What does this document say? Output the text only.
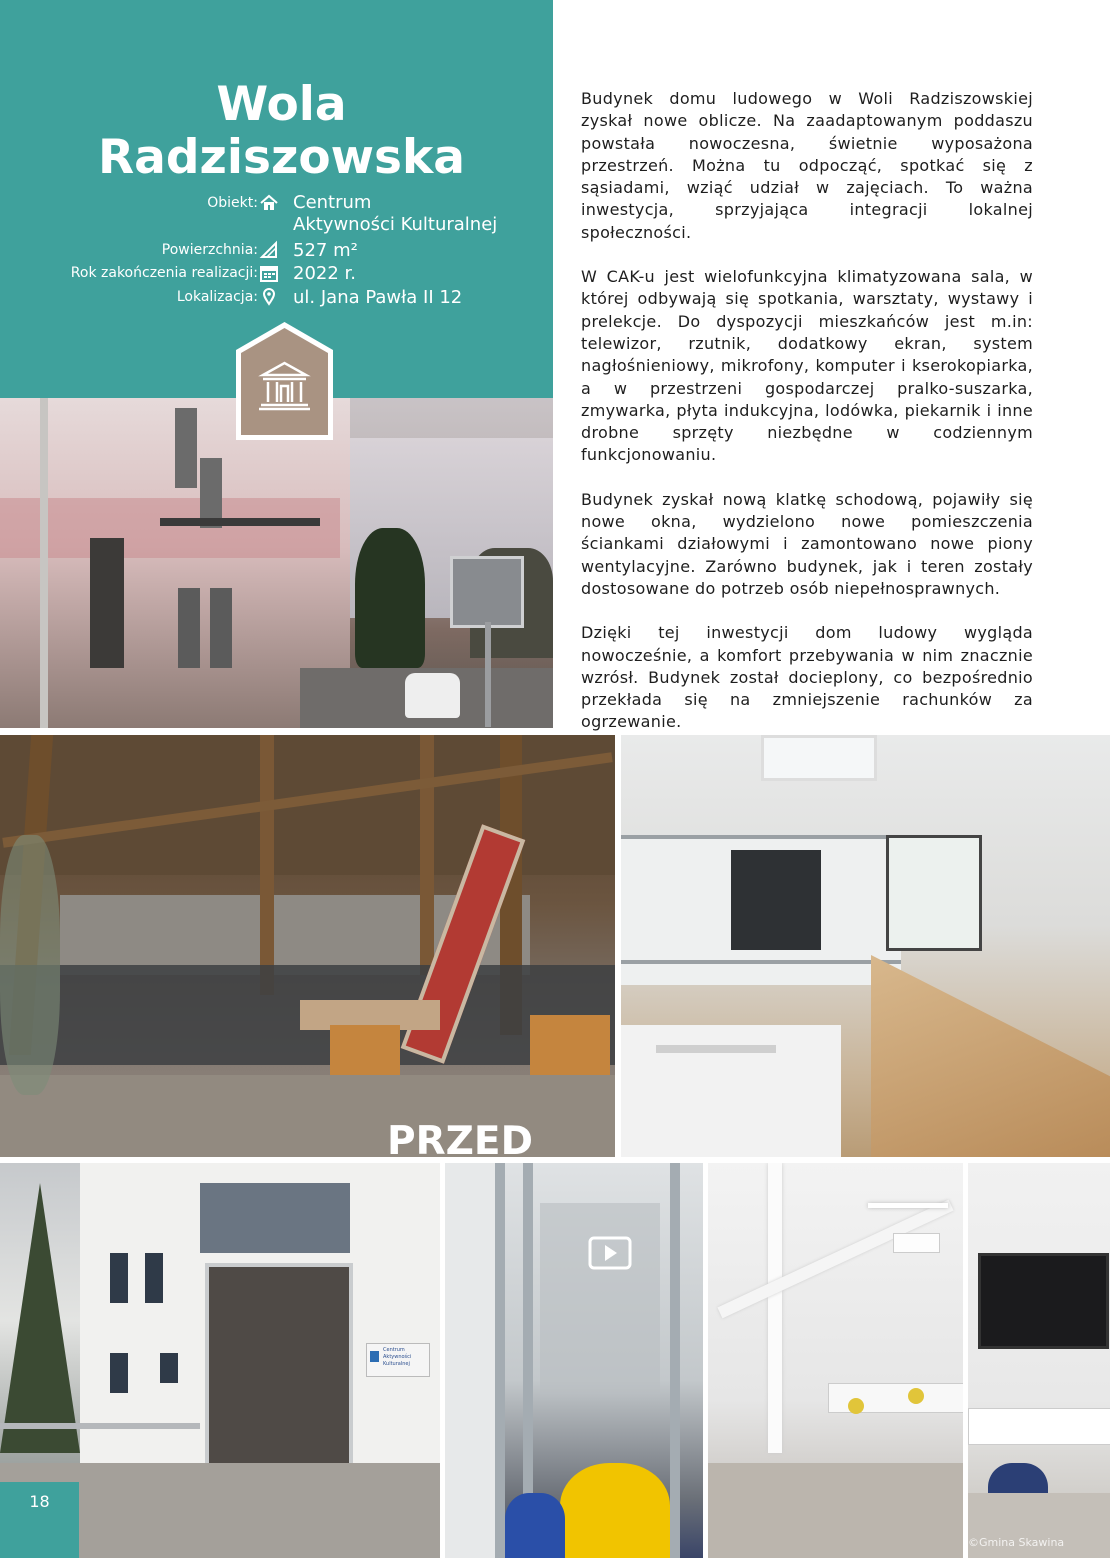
Wola
Radziszowska
Obiekt: Centrum
Aktywności Kulturalnej
Powierzchnia: 527 m²
Rok zakończenia realizacji: 2022 r.
Lokalizacja: ul. Jana Pawła II 12
Centrum Aktywności
Kulturalnej
PRZED
©Gmina Skawina

Budynek domu ludowego w Woli Radziszowskiej zyskał nowe oblicze. Na zaadaptowanym poddaszu powstała nowoczesna, świetnie wyposażona przestrzeń. Można tu odpocząć, spotkać się z sąsiadami, wziąć udział w zajęciach. To ważna inwestycja, sprzyjająca integracji lokalnej społeczności.

W CAK-u jest wielofunkcyjna klimatyzowana sala, w której odbywają się spotkania, warsztaty, wystawy i prelekcje. Do dyspozycji mieszkańców jest m.in: telewizor, rzutnik, dodatkowy ekran, system nagłośnieniowy, mikrofony, komputer i kserokopiarka, a w przestrzeni gospodarczej pralko-suszarka, zmywarka, płyta indukcyjna, lodówka, piekarnik i inne drobne sprzęty niezbędne w codziennym funkcjonowaniu.

Budynek zyskał nową klatkę schodową, pojawiły się nowe okna, wydzielono nowe pomieszczenia ściankami działowymi i zamontowano nowe piony wentylacyjne. Zarówno budynek, jak i teren zostały dostosowane do potrzeb osób niepełnosprawnych.

Dzięki tej inwestycji dom ludowy wygląda nowocześnie, a komfort przebywania w nim znacznie wzrósł. Budynek został docieplony, co bezpośrednio przekłada się na zmniejszenie rachunków za ogrzewanie.

18
